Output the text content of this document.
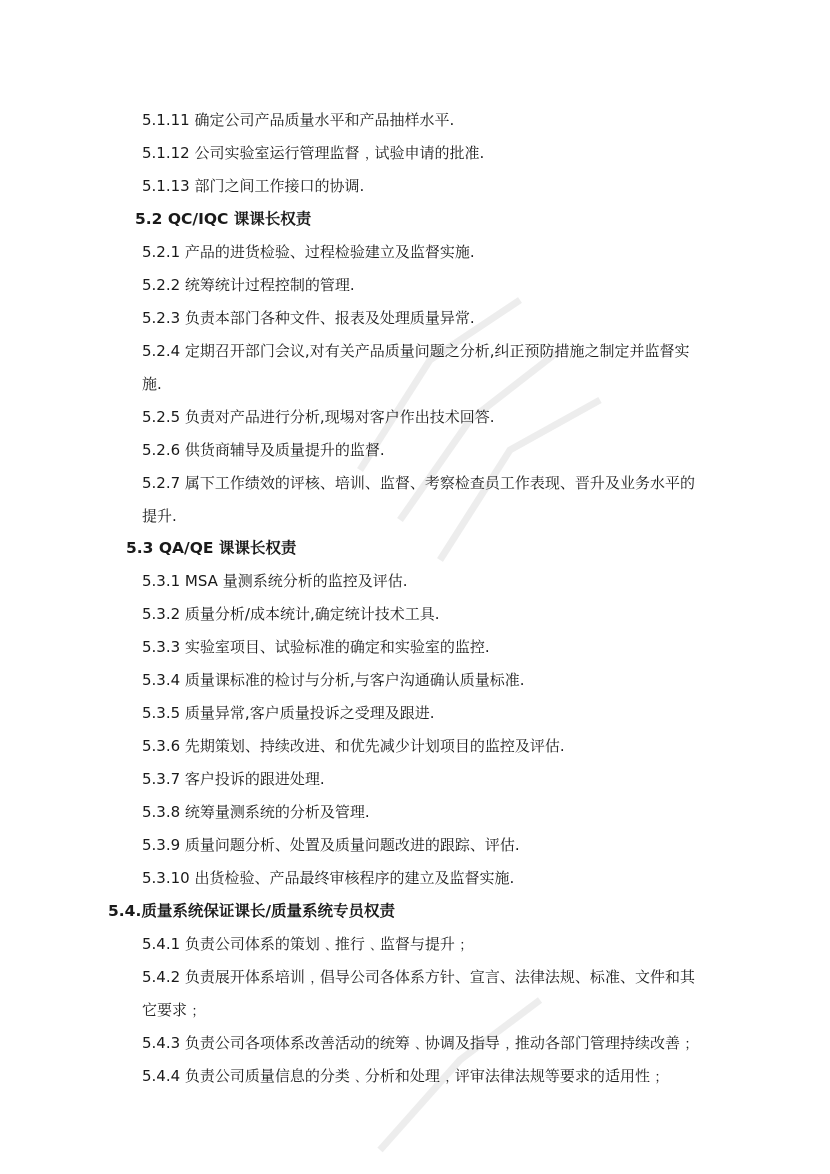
5.1.11 确定公司产品质量水平和产品抽样水平.
5.1.12 公司实验室运行管理监督﹐试验申请的批准.
5.1.13 部门之间工作接口的协调.
5.2 QC/IQC 课课长权责
5.2.1 产品的进货检验、过程检验建立及监督实施.
5.2.2 统筹统计过程控制的管理.
5.2.3 负责本部门各种文件、报表及处理质量异常.
5.2.4 定期召开部门会议,对有关产品质量问题之分析,纠正预防措施之制定并监督实
施.
5.2.5 负责对产品进行分析,现埸对客户作出技术回答.
5.2.6 供货商辅导及质量提升的监督.
5.2.7 属下工作绩效的评核、培训、监督、考察检查员工作表现、晋升及业务水平的
提升.
5.3 QA/QE 课课长权责
5.3.1 MSA 量测系统分析的监控及评估.
5.3.2 质量分析/成本统计,确定统计技术工具.
5.3.3 实验室项目、试验标准的确定和实验室的监控.
5.3.4 质量课标准的检讨与分析,与客户沟通确认质量标准.
5.3.5 质量异常,客户质量投诉之受理及跟进.
5.3.6 先期策划、持续改进、和优先减少计划项目的监控及评估.
5.3.7 客户投诉的跟进处理.
5.3.8 统筹量测系统的分析及管理.
5.3.9 质量问题分析、处置及质量问题改进的跟踪、评估.
5.3.10 出货检验、产品最终审核程序的建立及监督实施.
5.4.质量系统保证课长/质量系统专员权责
5.4.1 负责公司体系的策划﹑推行﹑监督与提升﹔
5.4.2 负责展开体系培训﹐倡导公司各体系方针、宣言、法律法规、标准、文件和其
它要求﹔
5.4.3 负责公司各项体系改善活动的统筹﹑协调及指导﹐推动各部门管理持续改善﹔
5.4.4 负责公司质量信息的分类﹑分析和处理﹐评审法律法规等要求的适用性﹔
